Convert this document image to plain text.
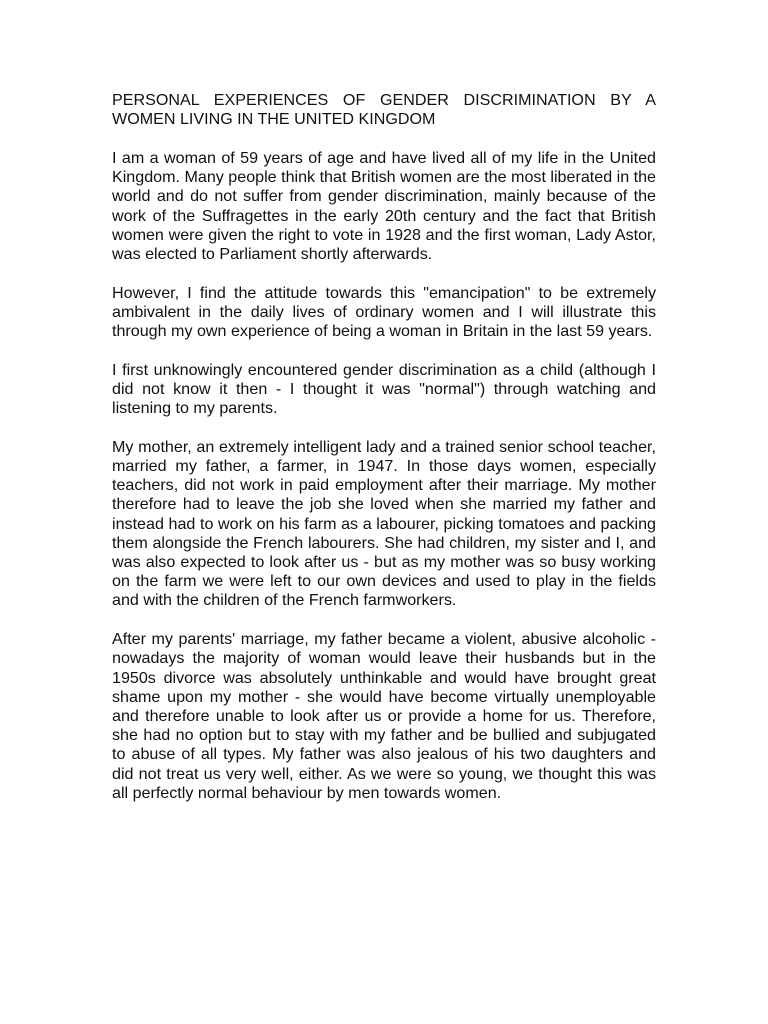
PERSONAL EXPERIENCES OF GENDER DISCRIMINATION BY A WOMEN LIVING IN THE UNITED KINGDOM

I am a woman of 59 years of age and have lived all of my life in the United Kingdom. Many people think that British women are the most liberated in the world and do not suffer from gender discrimination, mainly because of the work of the Suffragettes in the early 20th century and the fact that British women were given the right to vote in 1928 and the first woman, Lady Astor, was elected to Parliament shortly afterwards.

However, I find the attitude towards this "emancipation" to be extremely ambivalent in the daily lives of ordinary women and I will illustrate this through my own experience of being a woman in Britain in the last 59 years.

I first unknowingly encountered gender discrimination as a child (although I did not know it then - I thought it was "normal") through watching and listening to my parents.

My mother, an extremely intelligent lady and a trained senior school teacher, married my father, a farmer, in 1947. In those days women, especially teachers, did not work in paid employment after their marriage. My mother therefore had to leave the job she loved when she married my father and instead had to work on his farm as a labourer, picking tomatoes and packing them alongside the French labourers. She had children, my sister and I, and was also expected to look after us - but as my mother was so busy working on the farm we were left to our own devices and used to play in the fields and with the children of the French farmworkers.

After my parents' marriage, my father became a violent, abusive alcoholic - nowadays the majority of woman would leave their husbands but in the 1950s divorce was absolutely unthinkable and would have brought great shame upon my mother - she would have become virtually unemployable and therefore unable to look after us or provide a home for us. Therefore, she had no option but to stay with my father and be bullied and subjugated to abuse of all types. My father was also jealous of his two daughters and did not treat us very well, either. As we were so young, we thought this was all perfectly normal behaviour by men towards women.
